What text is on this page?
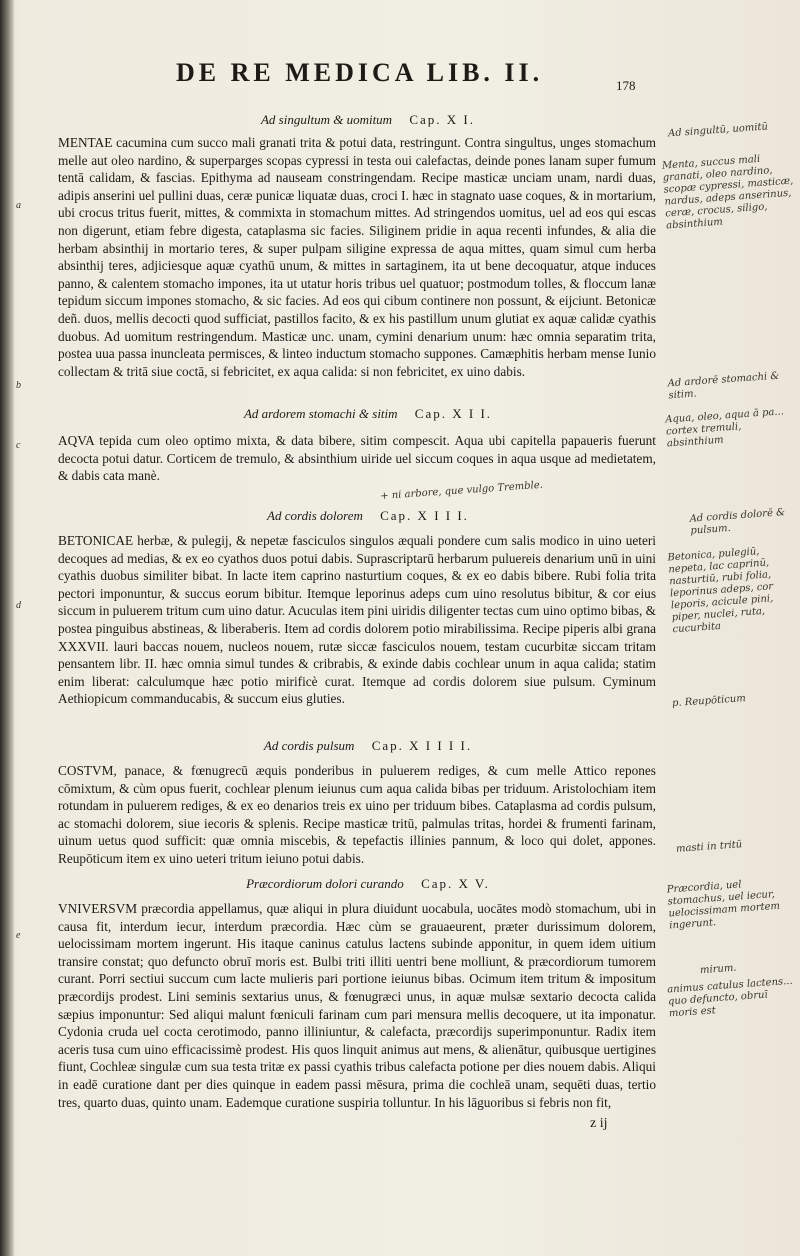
DE RE MEDICA LIB. II.	178
Ad singultum & uomitum Cap. X I.
MENTAE cacumina cum succo mali granati trita & potui data, restringunt. Contra singultus, unges stomachum melle aut oleo nardino, & superparges scopas cypressi in testa oui calefactas, deinde pones lanam super fumum tentā calidam, & fascias. Epithyma ad nauseam constringendam. Recipe masticæ unciam unam, nardi duas, adipis anserini uel pullini duas, ceræ punicæ liquatæ duas, croci I. hæc in stagnato uase coques, & in mortarium, ubi crocus tritus fuerit, mittes, & commixta in stomachum mittes. Ad stringendos uomitus, uel ad eos qui escas non digerunt, etiam febre digesta, cataplasma sic facies. Siliginem pridie in aqua recenti infundes, & alia die herbam absinthij in mortario teres, & super pulpam siligine expressa de aqua mittes, quam simul cum herba absinthij teres, adjiciesque aquæ cyathū unum, & mittes in sartaginem, ita ut bene decoquatur, atque induces panno, & calentem stomacho impones, ita ut utatur horis tribus uel quatuor; postmodum tolles, & floccum lanæ tepidum siccum impones stomacho, & sic facies. Ad eos qui cibum continere non possunt, & eijciunt. Betonicæ deñ. duos, mellis decocti quod sufficiat, pastillos facito, & ex his pastillum unum glutiat ex aquæ calidæ cyathis duobus. Ad uomitum restringendum. Masticæ unc. unam, cymini denarium unum: hæc omnia separatim trita, postea uua passa inuncleata permisces, & linteo inductum stomacho suppones. Camæphitis herbam mense Iunio collectam & tritā siue coctā, si febricitet, ex aqua calida: si non febricitet, ex uino dabis.
Ad ardorem stomachi & sitim Cap. X I I.
AQVA tepida cum oleo optimo mixta, & data bibere, sitim compescit. Aqua ubi capitella papaueris fuerunt decocta potui datur. Corticem de tremulo, & absinthium uiride uel siccum coques in aqua usque ad medietatem, & dabis cata manè.
Ad cordis dolorem Cap. X I I I.
BETONICAE herbæ, & pulegij, & nepetæ fasciculos singulos æquali pondere cum salis modico in uino ueteri decoques ad medias, & ex eo cyathos duos potui dabis. Suprascriptarū herbarum puluereis denarium unū in uini cyathis duobus similiter bibat. In lacte item caprino nasturtium coques, & ex eo dabis bibere. Rubi folia trita pectori imponuntur, & succus eorum bibitur. Itemque leporinus adeps cum uino resolutus bibitur, & cor eius siccum in puluerem tritum cum uino datur. Acuculas item pini uiridis diligenter tectas cum uino optimo bibas, & postea pinguibus abstineas, & liberaberis. Item ad cordis dolorem potio mirabilissima. Recipe piperis albi grana XXXVII. lauri baccas nouem, nucleos nouem, rutæ siccæ fasciculos nouem, testam cucurbitæ siccam tritam pensantem libr. II. hæc omnia simul tundes & cribrabis, & exinde dabis cochlear unum in aqua calida; statim enim liberat: calculumque hæc potio mirificè curat. Itemque ad cordis dolorem siue pulsum. Cyminum Aethiopicum commanducabis, & succum eius gluties.
Ad cordis pulsum Cap. X I I I I.
COSTVM, panace, & fœnugrecū æquis ponderibus in puluerem rediges, & cum melle Attico repones cōmixtum, & cùm opus fuerit, cochlear plenum ieiunus cum aqua calida bibas per triduum. Aristolochiam item rotundam in puluerem rediges, & ex eo denarios treis ex uino per triduum bibes. Cataplasma ad cordis pulsum, ac stomachi dolorem, siue iecoris & splenis. Recipe masticæ tritū, palmulas tritas, hordei & frumenti farinam, uinum uetus quod sufficit: quæ omnia miscebis, & tepefactis illinies pannum, & loco qui dolet, appones. Reupōticum item ex uino ueteri tritum ieiuno potui dabis.
Præcordiorum dolori curando Cap. X V.
VNIVERSVM præcordia appellamus, quæ aliqui in plura diuidunt uocabula, uocātes modò stomachum, ubi in causa fit, interdum iecur, interdum præcordia. Hæc cùm se grauaeurent, præter durissimum dolorem, uelocissimam mortem ingerunt. His itaque caninus catulus lactens subinde apponitur, in quem idem uitium transire constat; quo defuncto obruī moris est. Bulbi triti illiti uentri bene molliunt, & præcordiorum tumorem curant. Porri sectiui succum cum lacte mulieris pari portione ieiunus bibas. Ocimum item tritum & impositum præcordijs prodest. Lini seminis sextarius unus, & fœnugræci unus, in aquæ mulsæ sextario decocta calida sæpius imponuntur: Sed aliqui malunt fœniculi farinam cum pari mensura mellis decoquere, ut ita imponatur. Cydonia cruda uel cocta cerotimodo, panno illiniuntur, & calefacta, præcordijs superimponuntur. Radix item aceris tusa cum uino efficacissimè prodest. His quos linquit animus aut mens, & alienātur, quibusque uertigines fiunt, Cochleæ singulæ cum sua testa tritæ ex passi cyathis tribus calefacta potione per dies nouem dabis. Aliqui in eadē curatione dant per dies quinque in eadem passi mēsura, prima die cochleā unam, sequēti duas, tertio tres, quarto duas, quinto unam. Eademque curatione suspiria tolluntur. In his lāguoribus si febris non fit,
Ad singultū, uomitū
Menta, succus mali granati, oleo nardino, scopæ cypressi, masticæ, nardus, adeps anserinus, ceræ, crocus, siligo, absinthium
Ad ardorē stomachi & sitim.
Aqua, oleo, aqua ā pa... cortex tremuli, absinthium
+ ni arbore, que vulgo Tremble.
Ad cordis dolorē & pulsum.
Betonica, pulegiū, nepeta, lac caprinū, nasturtiū, rubi folia, leporinus adeps, cor leporis, acicule pini, piper, nuclei, ruta, cucurbita
p. Reupōticum
masti in tritū
Præcordia, uel stomachus, uel iecur, uelocissimam mortem ingerunt.
mirum.
animus catulus lactens... quo defuncto, obruī moris est
a
b
c
d
e
z ij
